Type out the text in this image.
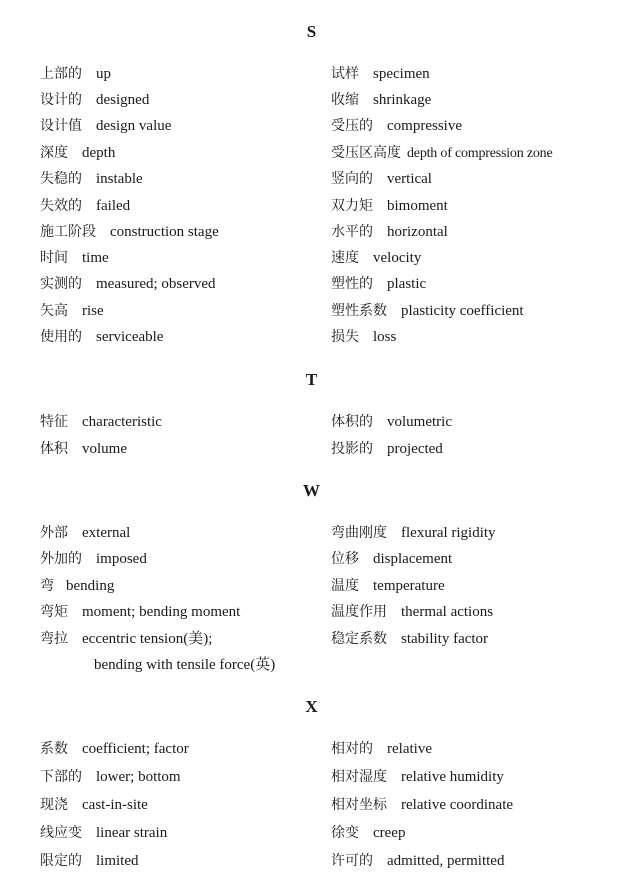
S
上部的 up
设计的 designed
设计值 design value
深度 depth
失稳的 instable
失效的 failed
施工阶段 construction stage
时间 time
实测的 measured; observed
矢高 rise
使用的 serviceable
试样 specimen
收缩 shrinkage
受压的 compressive
受压区高度 depth of compression zone
竖向的 vertical
双力矩 bimoment
水平的 horizontal
速度 velocity
塑性的 plastic
塑性系数 plasticity coefficient
损失 loss
T
特征 characteristic
体积 volume
体积的 volumetric
投影的 projected
W
外部 external
外加的 imposed
弯 bending
弯矩 moment; bending moment
弯拉 eccentric tension(美);
bending with tensile force(英)
弯曲刚度 flexural rigidity
位移 displacement
温度 temperature
温度作用 thermal actions
稳定系数 stability factor
X
系数 coefficient; factor
下部的 lower; bottom
现浇 cast-in-site
线应变 linear strain
限定的 limited
相对的 relative
相对湿度 relative humidity
相对坐标 relative coordinate
徐变 creep
许可的 admitted, permitted
